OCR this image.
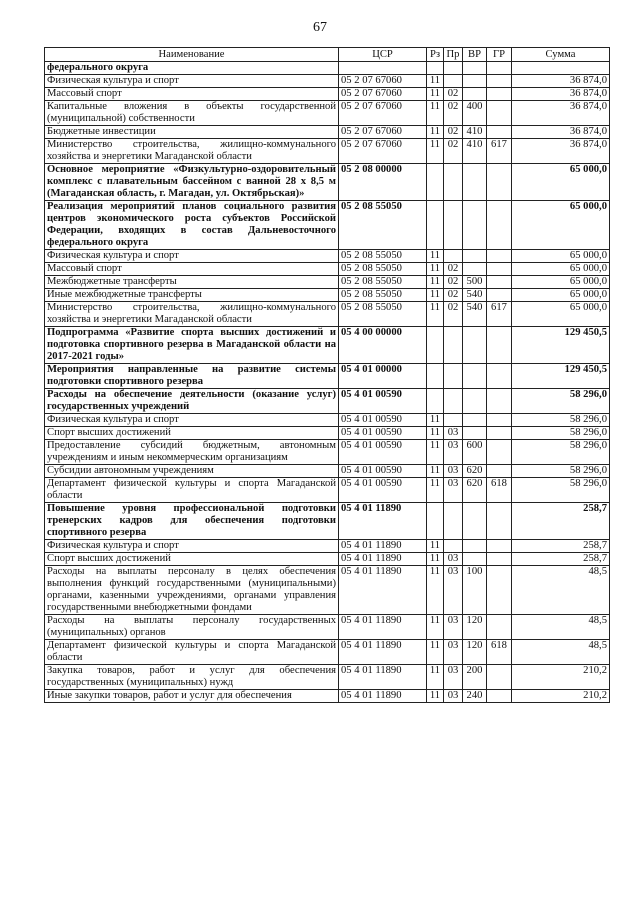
67
Наименование	ЦСР	Рз	Пр	ВР	ГР	Сумма
федерального округа						
Физическая культура и спорт	05 2 07 67060	11				36 874,0
Массовый спорт	05 2 07 67060	11	02			36 874,0
Капитальные вложения в объекты государственной (муниципальной) собственности	05 2 07 67060	11	02	400		36 874,0
Бюджетные инвестиции	05 2 07 67060	11	02	410		36 874,0
Министерство строительства, жилищно-коммунального хозяйства и энергетики Магаданской области	05 2 07 67060	11	02	410	617	36 874,0
Основное мероприятие «Физкультурно-оздоровительный комплекс с плавательным бассейном с ванной 28 х 8,5 м (Магаданская область, г. Магадан, ул. Октябрьская)»	05 2 08 00000					65 000,0
Реализация мероприятий планов социального развития центров экономического роста субъектов Российской Федерации, входящих в состав Дальневосточного федерального округа	05 2 08 55050					65 000,0
Физическая культура и спорт	05 2 08 55050	11				65 000,0
Массовый спорт	05 2 08 55050	11	02			65 000,0
Межбюджетные трансферты	05 2 08 55050	11	02	500		65 000,0
Иные межбюджетные трансферты	05 2 08 55050	11	02	540		65 000,0
Министерство строительства, жилищно-коммунального хозяйства и энергетики Магаданской области	05 2 08 55050	11	02	540	617	65 000,0
Подпрограмма «Развитие спорта высших достижений и подготовка спортивного резерва в Магаданской области на 2017-2021 годы»	05 4 00 00000					129 450,5
Мероприятия направленные на развитие системы подготовки спортивного резерва	05 4 01 00000					129 450,5
Расходы на обеспечение деятельности (оказание услуг) государственных учреждений	05 4 01 00590					58 296,0
Физическая культура и спорт	05 4 01 00590	11				58 296,0
Спорт высших достижений	05 4 01 00590	11	03			58 296,0
Предоставление субсидий бюджетным, автономным учреждениям и иным некоммерческим организациям	05 4 01 00590	11	03	600		58 296,0
Субсидии автономным учреждениям	05 4 01 00590	11	03	620		58 296,0
Департамент физической культуры и спорта Магаданской области	05 4 01 00590	11	03	620	618	58 296,0
Повышение уровня профессиональной подготовки тренерских кадров для обеспечения подготовки спортивного резерва	05 4 01 11890					258,7
Физическая культура и спорт	05 4 01 11890	11				258,7
Спорт высших достижений	05 4 01 11890	11	03			258,7
Расходы на выплаты персоналу в целях обеспечения выполнения функций государственными (муниципальными) органами, казенными учреждениями, органами управления государственными внебюджетными фондами	05 4 01 11890	11	03	100		48,5
Расходы на выплаты персоналу государственных (муниципальных) органов	05 4 01 11890	11	03	120		48,5
Департамент физической культуры и спорта Магаданской области	05 4 01 11890	11	03	120	618	48,5
Закупка товаров, работ и услуг для обеспечения государственных (муниципальных) нужд	05 4 01 11890	11	03	200		210,2
Иные закупки товаров, работ и услуг для обеспечения	05 4 01 11890	11	03	240		210,2
